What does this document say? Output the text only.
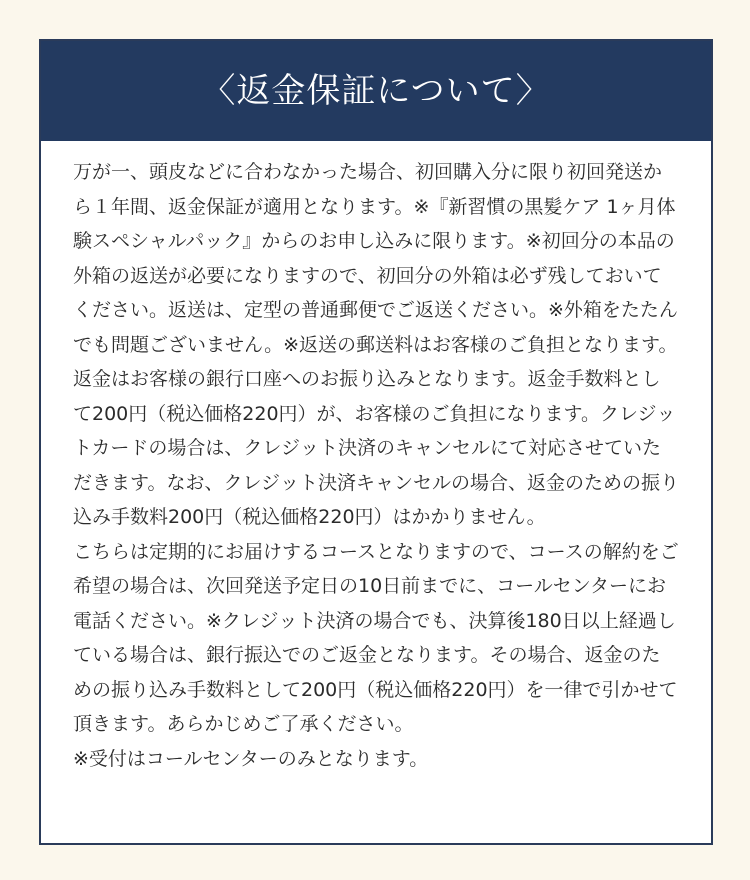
〈返金保証について〉

万が一、頭皮などに合わなかった場合、初回購入分に限り初回発送から１年間、返金保証が適用となります。※『新習慣の黒髪ケア 1ヶ月体験スペシャルパック』からのお申し込みに限ります。※初回分の本品の外箱の返送が必要になりますので、初回分の外箱は必ず残しておいてください。返送は、定型の普通郵便でご返送ください。※外箱をたたんでも問題ございません。※返送の郵送料はお客様のご負担となります。

返金はお客様の銀行口座へのお振り込みとなります。返金手数料として200円（税込価格220円）が、お客様のご負担になります。クレジットカードの場合は、クレジット決済のキャンセルにて対応させていただきます。なお、クレジット決済キャンセルの場合、返金のための振り込み手数料200円（税込価格220円）はかかりません。

こちらは定期的にお届けするコースとなりますので、コースの解約をご希望の場合は、次回発送予定日の10日前までに、コールセンターにお電話ください。※クレジット決済の場合でも、決算後180日以上経過している場合は、銀行振込でのご返金となります。その場合、返金のための振り込み手数料として200円（税込価格220円）を一律で引かせて頂きます。あらかじめご了承ください。

※受付はコールセンターのみとなります。
